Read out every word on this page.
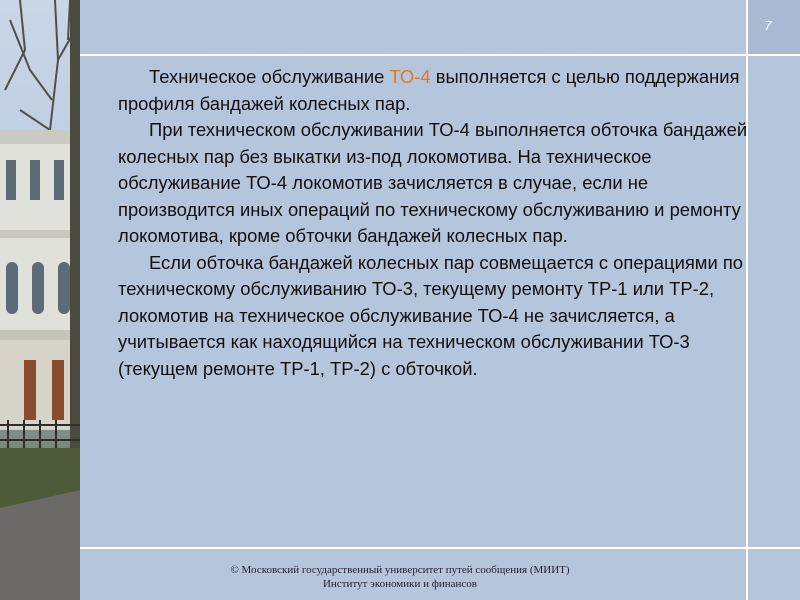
7

Техническое обслуживание ТО-4 выполняется с целью поддержания профиля бандажей колесных пар.

При техническом обслуживании ТО-4 выполняется обточка бандажей колесных пар без выкатки из-под локомотива. На техническое обслуживание ТО-4 локомотив зачисляется в случае, если не производится иных операций по техническому обслуживанию и ремонту локомотива, кроме обточки бандажей колесных пар.

Если обточка бандажей колесных пар совмещается с операциями по техническому обслуживанию ТО-3, текущему ремонту ТР-1 или ТР-2, локомотив на техническое обслуживание ТО-4 не зачисляется, а учитывается как находящийся на техническом обслуживании ТО-3 (текущем ремонте ТР-1, ТР-2) с обточкой.

© Московский государственный университет путей сообщения (МИИТ)
Институт экономики и финансов
